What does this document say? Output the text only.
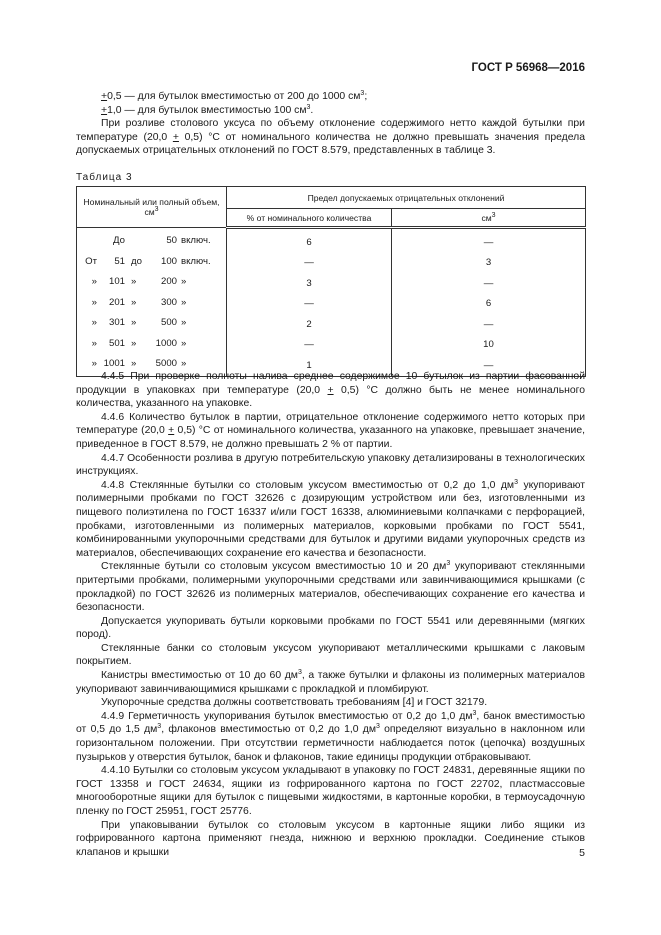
ГОСТ Р 56968—2016

+0,5 — для бутылок вместимостью от 200 до 1000 $см^3$;

+1,0 — для бутылок вместимостью 100 $см^3$.

При розливе столового уксуса по объему отклонение содержимого нетто каждой бутылки при температуре (20,0 + 0,5) °С от номинального количества не должно превышать значения предела допускаемых отрицательных отклонений по ГОСТ 8.579, представленных в таблице 3.

Таблица 3
Номинальный или полный объем, $см^3$	Предел допускаемых отрицательных отклонений	
	% от номинального количества	$см^3$

До 50 включ.	6	—

От 51 до 100 включ.	—	3

» 101 » 200 »	3	—

» 201 » 300 »	—	6

» 301 » 500 »	2	—

» 501 » 1000 »	—	10

» 1001 » 5000 »	1	—

4.4.5 При проверке полноты налива среднее содержимое 10 бутылок из партии фасованной продукции в упаковках при температуре (20,0 + 0,5) °С должно быть не менее номинального количества, указанного на упаковке.

4.4.6 Количество бутылок в партии, отрицательное отклонение содержимого нетто которых при температуре (20,0 + 0,5) °С от номинального количества, указанного на упаковке, превышает значение, приведенное в ГОСТ 8.579, не должно превышать 2 % от партии.

4.4.7 Особенности розлива в другую потребительскую упаковку детализированы в технологических инструкциях.

4.4.8 Стеклянные бутылки со столовым уксусом вместимостью от 0,2 до 1,0 $дм^3$ укупоривают полимерными пробками по ГОСТ 32626 с дозирующим устройством или без, изготовленными из пищевого полиэтилена по ГОСТ 16337 и/или ГОСТ 16338, алюминиевыми колпачками с перфорацией, пробками, изготовленными из полимерных материалов, корковыми пробками по ГОСТ 5541, комбинированными укупорочными средствами для бутылок и другими видами укупорочных средств из материалов, обеспечивающих сохранение его качества и безопасности.

Стеклянные бутыли со столовым уксусом вместимостью 10 и 20 $дм^3$ укупоривают стеклянными притертыми пробками, полимерными укупорочными средствами или завинчивающимися крышками (с прокладкой) по ГОСТ 32626 из полимерных материалов, обеспечивающих сохранение его качества и безопасности.

Допускается укупоривать бутыли корковыми пробками по ГОСТ 5541 или деревянными (мягких пород).

Стеклянные банки со столовым уксусом укупоривают металлическими крышками с лаковым покрытием.

Канистры вместимостью от 10 до 60 $дм^3$, а также бутылки и флаконы из полимерных материалов укупоривают завинчивающимися крышками с прокладкой и пломбируют.

Укупорочные средства должны соответствовать требованиям [4] и ГОСТ 32179.

4.4.9 Герметичность укупоривания бутылок вместимостью от 0,2 до 1,0 $дм^3$, банок вместимостью от 0,5 до 1,5 $дм^3$, флаконов вместимостью от 0,2 до 1,0 $дм^3$ определяют визуально в наклонном или горизонтальном положении. При отсутствии герметичности наблюдается поток (цепочка) воздушных пузырьков у отверстия бутылок, банок и флаконов, такие единицы продукции отбраковывают.

4.4.10 Бутылки со столовым уксусом укладывают в упаковку по ГОСТ 24831, деревянные ящики по ГОСТ 13358 и ГОСТ 24634, ящики из гофрированного картона по ГОСТ 22702, пластмассовые многооборотные ящики для бутылок с пищевыми жидкостями, в картонные коробки, в термоусадочную пленку по ГОСТ 25951, ГОСТ 25776.

При упаковывании бутылок со столовым уксусом в картонные ящики либо ящики из гофрированного картона применяют гнезда, нижнюю и верхнюю прокладки. Соединение стыков клапанов и крышки	5
